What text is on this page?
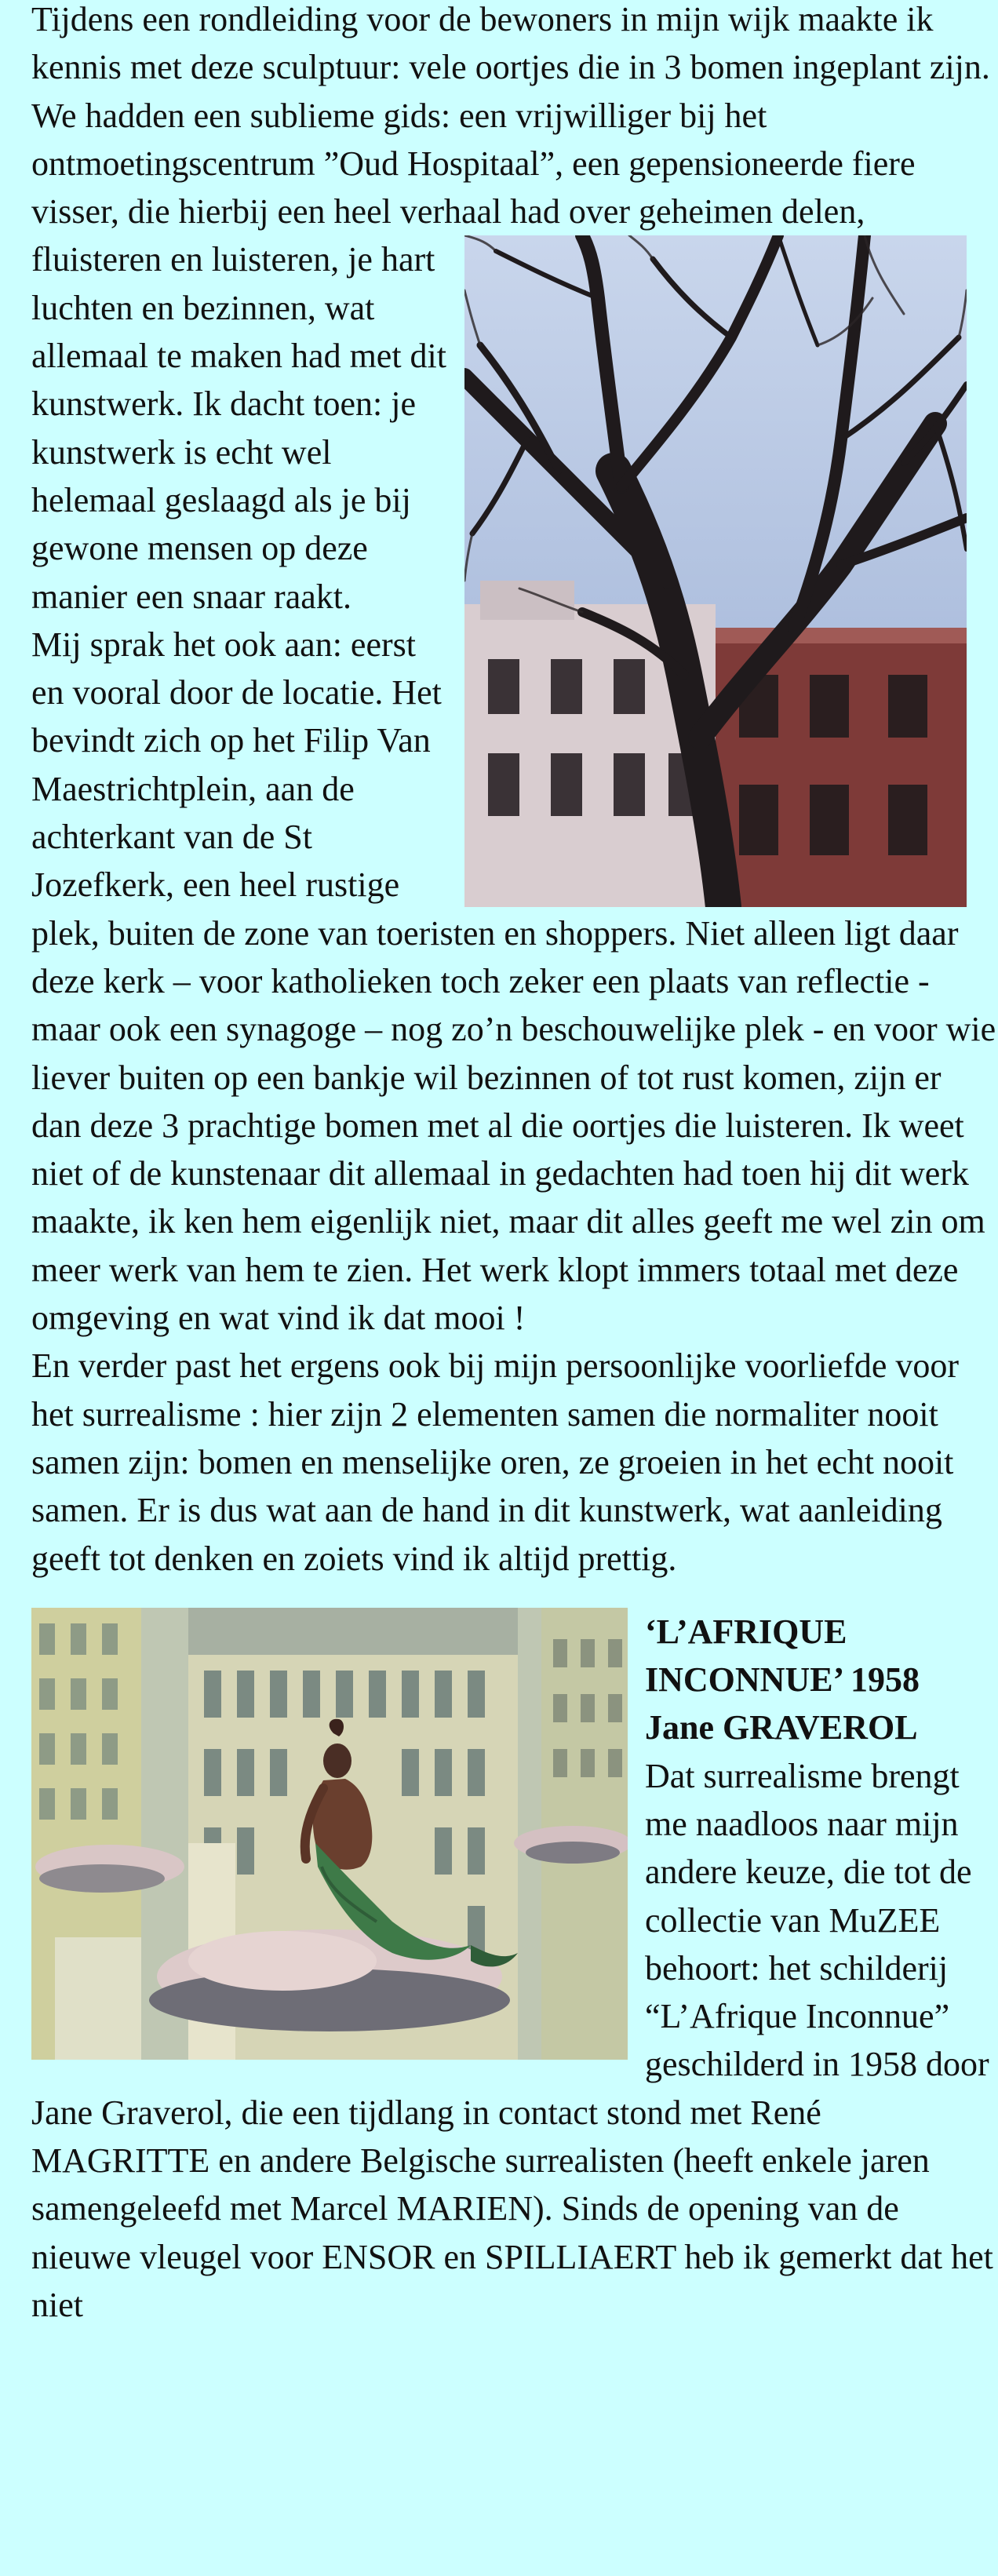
Tijdens een rondleiding voor de bewoners in mijn wijk maakte ik kennis met deze sculptuur: vele oortjes die in 3 bomen ingeplant zijn. We hadden een sublieme gids: een vrijwilliger bij het ontmoetingscentrum ”Oud Hospitaal”, een gepensioneerde fiere visser, die hierbij een heel verhaal had over geheimen delen,

fluisteren en luisteren, je hart luchten en bezinnen, wat allemaal te maken had met dit kunstwerk. Ik dacht toen: je kunstwerk is echt wel helemaal geslaagd als je bij gewone mensen op deze manier een snaar raakt.
Mij sprak het ook aan: eerst en vooral door de locatie. Het bevindt zich op het Filip Van Maestrichtplein, aan de achterkant van de St Jozefkerk, een heel rustige plek, buiten de zone van toeristen en shoppers. Niet alleen ligt daar deze kerk – voor katholieken toch zeker een plaats van reflectie - maar ook een synagoge – nog zo’n beschouwelijke plek - en voor wie liever buiten op een bankje wil bezinnen of tot rust komen, zijn er dan deze 3 prachtige bomen met al die oortjes die luisteren. Ik weet niet of de kunstenaar dit allemaal in gedachten had toen hij dit werk maakte, ik ken hem eigenlijk niet, maar dit alles geeft me wel zin om meer werk van hem te zien. Het werk klopt immers totaal met deze omgeving en wat vind ik dat mooi !
En verder past het ergens ook bij mijn persoonlijke voorliefde voor het surrealisme : hier zijn 2 elementen samen die normaliter nooit samen zijn: bomen en menselijke oren, ze groeien in het echt nooit samen. Er is dus wat aan de hand in dit kunstwerk, wat aanleiding geeft tot denken en zoiets vind ik altijd prettig.

‘L’AFRIQUE INCONNUE’ 1958
Jane GRAVEROL
Dat surrealisme brengt me naadloos naar mijn andere keuze, die tot de collectie van MuZEE behoort: het schilderij “L’Afrique Inconnue” geschilderd in 1958 door Jane Graverol, die een tijdlang in contact stond met René MAGRITTE en andere Belgische surrealisten (heeft enkele jaren samengeleefd met Marcel MARIEN). Sinds de opening van de nieuwe vleugel voor ENSOR en SPILLIAERT heb ik gemerkt dat het niet
